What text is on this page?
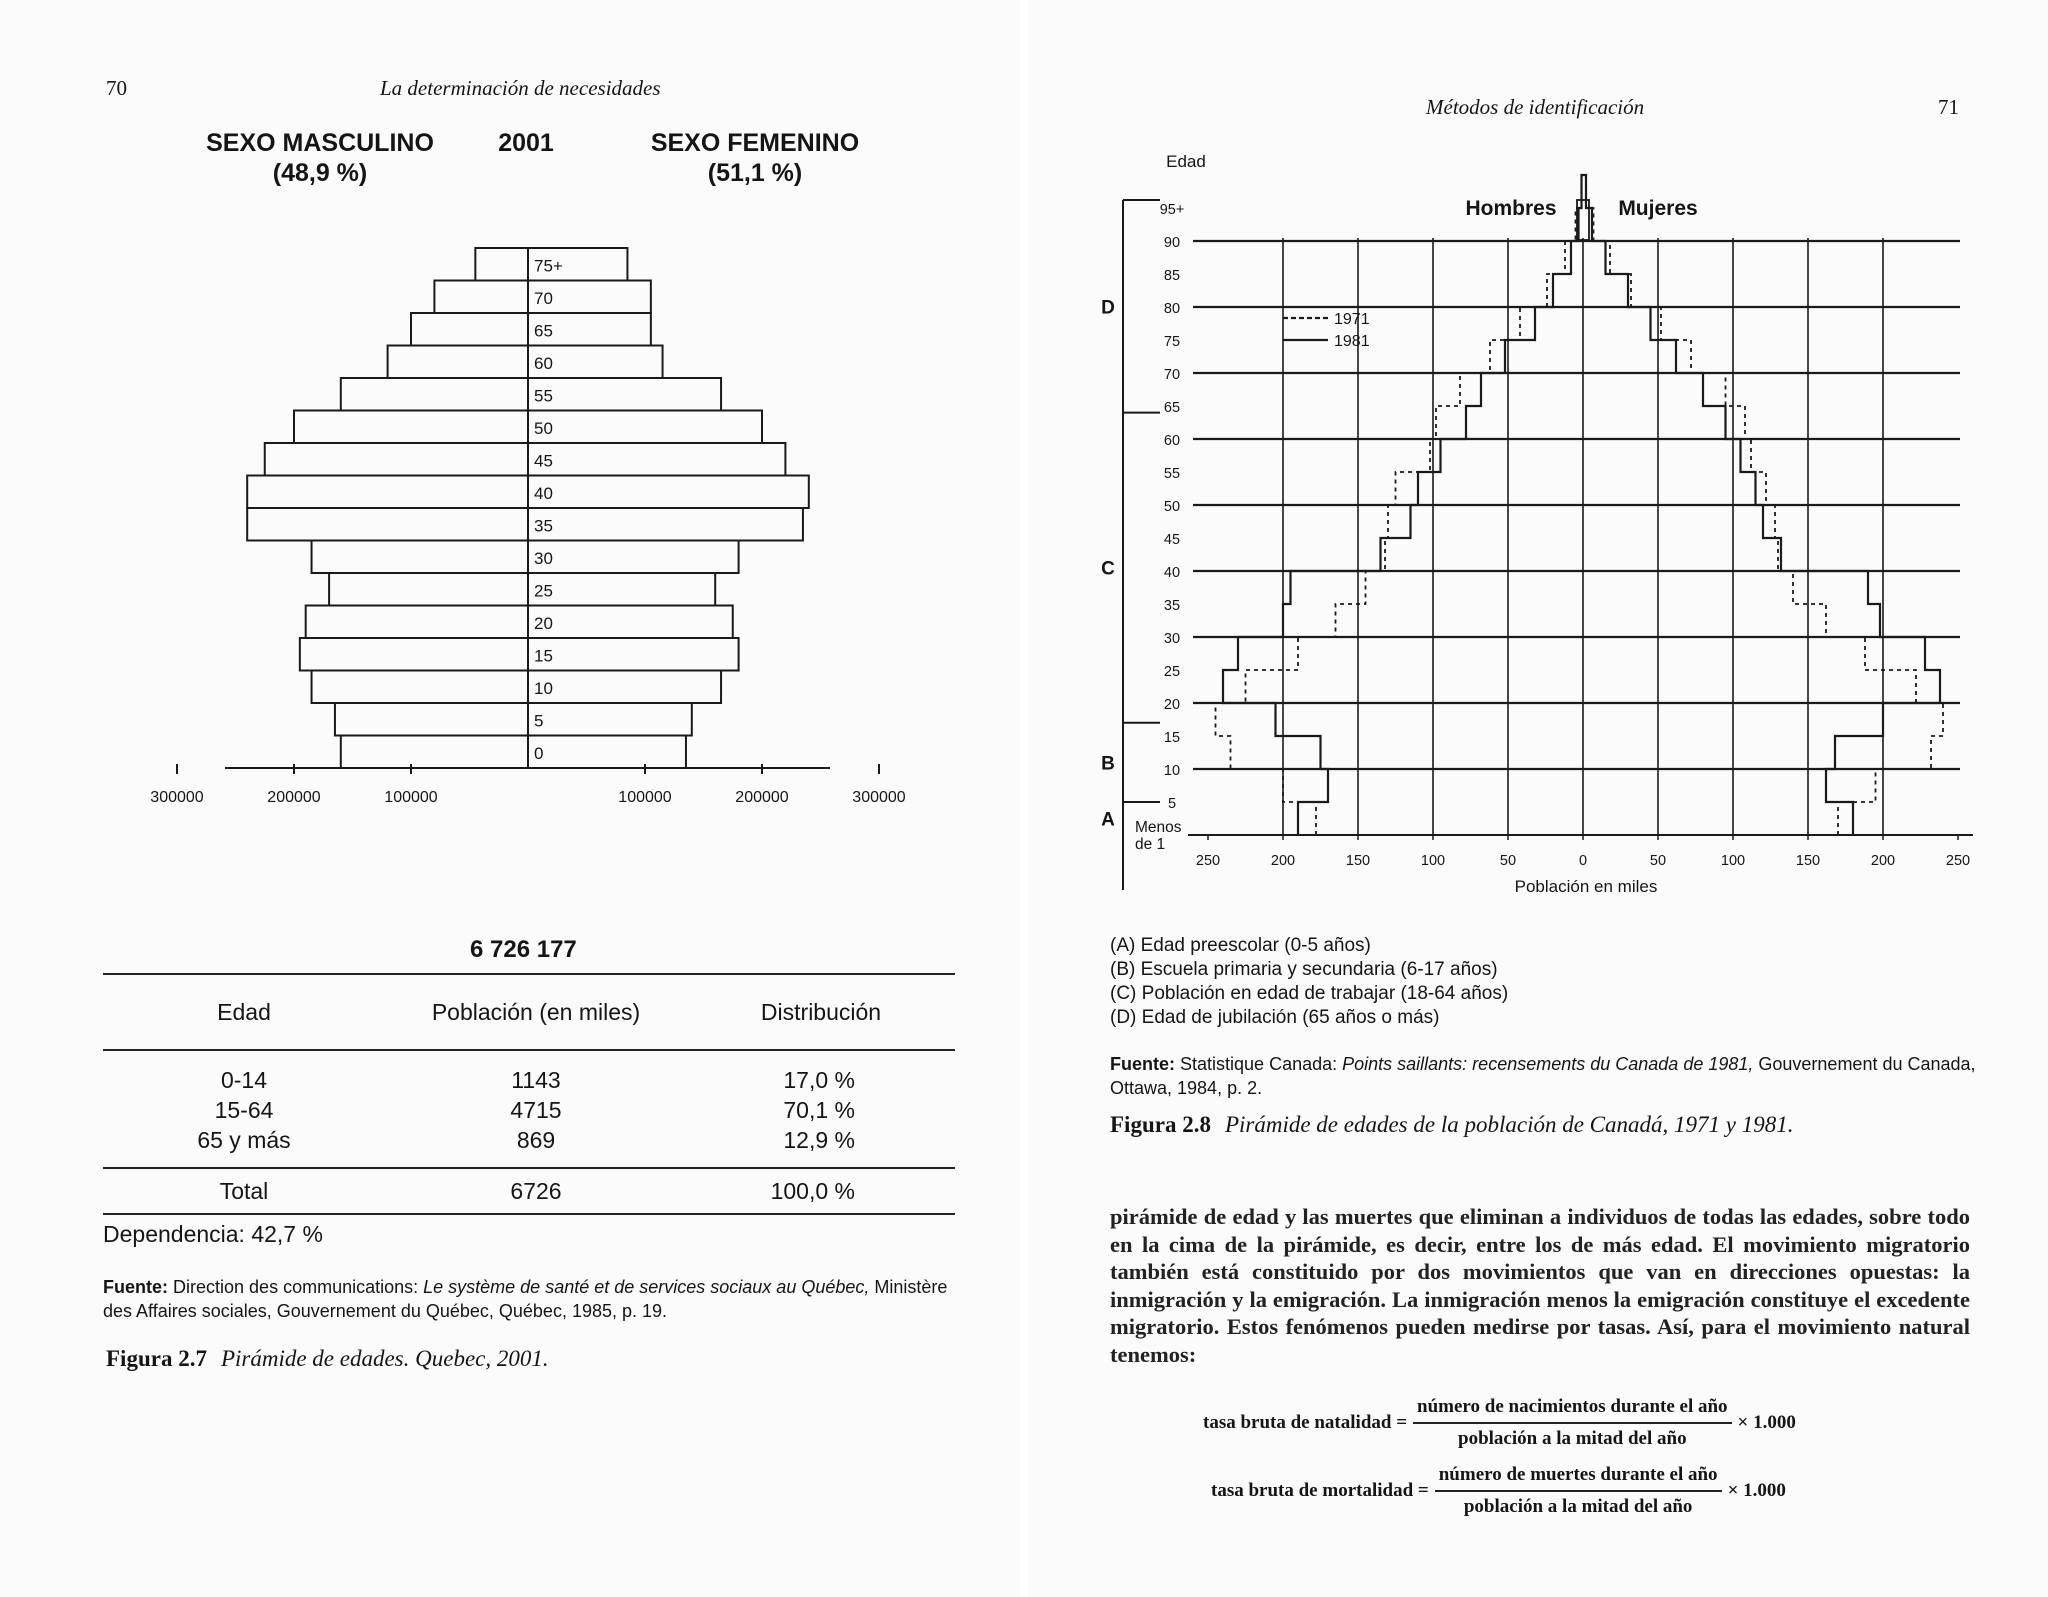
70	La determinación de necesidades
SEXO MASCULINO
(48,9 %)
2001	SEXO FEMENINO
(51,1 %)
0
5
10
15
20
25
30
35
40
45
50
55
60
65
70
75+
300000	200000	100000	100000	200000	300000
6 726 177
Edad	Población (en miles)	Distribución
0-14	1143	17,0 %
15-64	4715	70,1 %
65 y más	869	12,9 %
Total	6726	100,0 %
Dependencia: 42,7 %
Fuente: Direction des communications: Le système de santé et de services sociaux au Québec, Ministère des Affaires sociales, Gouvernement du Québec, Québec, 1985, p. 19.
Figura 2.7 Pirámide de edades. Quebec, 2001.
Métodos de identificación	71
Edad
Población en miles
250	200	150	100	50	0	50	100	150	200	250
Menos
de 1
5
10
15
20
25
30
35
40
45
50
55
60
65
70
75
80
85
90
95+	Hombres	Mujeres
1971
1981
A
B
C
D
(A) Edad preescolar (0-5 años)
(B) Escuela primaria y secundaria (6-17 años)
(C) Población en edad de trabajar (18-64 años)
(D) Edad de jubilación (65 años o más)
Fuente: Statistique Canada: Points saillants: recensements du Canada de 1981, Gouvernement du Canada, Ottawa, 1984, p. 2.
Figura 2.8 Pirámide de edades de la población de Canadá, 1971 y 1981.
pirámide de edad y las muertes que eliminan a individuos de todas las edades, sobre todo en la cima de la pirámide, es decir, entre los de más edad. El movimiento migratorio también está constituido por dos movimientos que van en direcciones opuestas: la inmigración y la emigración. La inmigración menos la emigración constituye el excedente migratorio. Estos fenómenos pueden medirse por tasas. Así, para el movimiento natural tenemos:
tasa bruta de natalidad = $\frac{\text{número de nacimientos durante el año}}{\text{población a la mitad del año}} \times 1.000$
tasa bruta de mortalidad = $\frac{\text{número de muertes durante el año}}{\text{población a la mitad del año}} \times 1.000$
